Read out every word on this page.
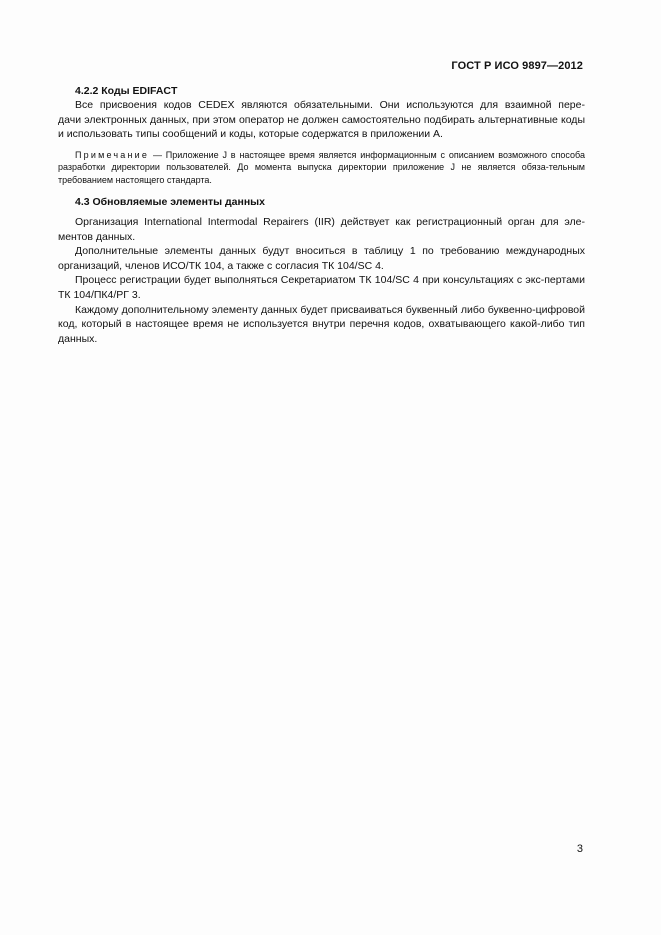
ГОСТ Р ИСО 9897—2012
4.2.2 Коды EDIFACT
Все присвоения кодов CEDEX являются обязательными. Они используются для взаимной пере-
дачи электронных данных, при этом оператор не должен самостоятельно подбирать альтернативные коды и использовать типы сообщений и коды, которые содержатся в приложении А.
Примечание — Приложение J в настоящее время является информационным с описанием возможного способа разработки директории пользователей. До момента выпуска директории приложение J не является обяза-тельным требованием настоящего стандарта.
4.3 Обновляемые элементы данных
Организация International Intermodal Repairers (IIR) действует как регистрационный орган для эле-ментов данных.
Дополнительные элементы данных будут вноситься в таблицу 1 по требованию международных организаций, членов ИСО/ТК 104, а также с согласия ТК 104/SC 4.
Процесс регистрации будет выполняться Секретариатом ТК 104/SC 4 при консультациях с экс-пертами ТК 104/ПК4/РГ 3.
Каждому дополнительному элементу данных будет присваиваться буквенный либо буквенно-цифровой код, который в настоящее время не используется внутри перечня кодов, охватывающего какой-либо тип данных.
3
